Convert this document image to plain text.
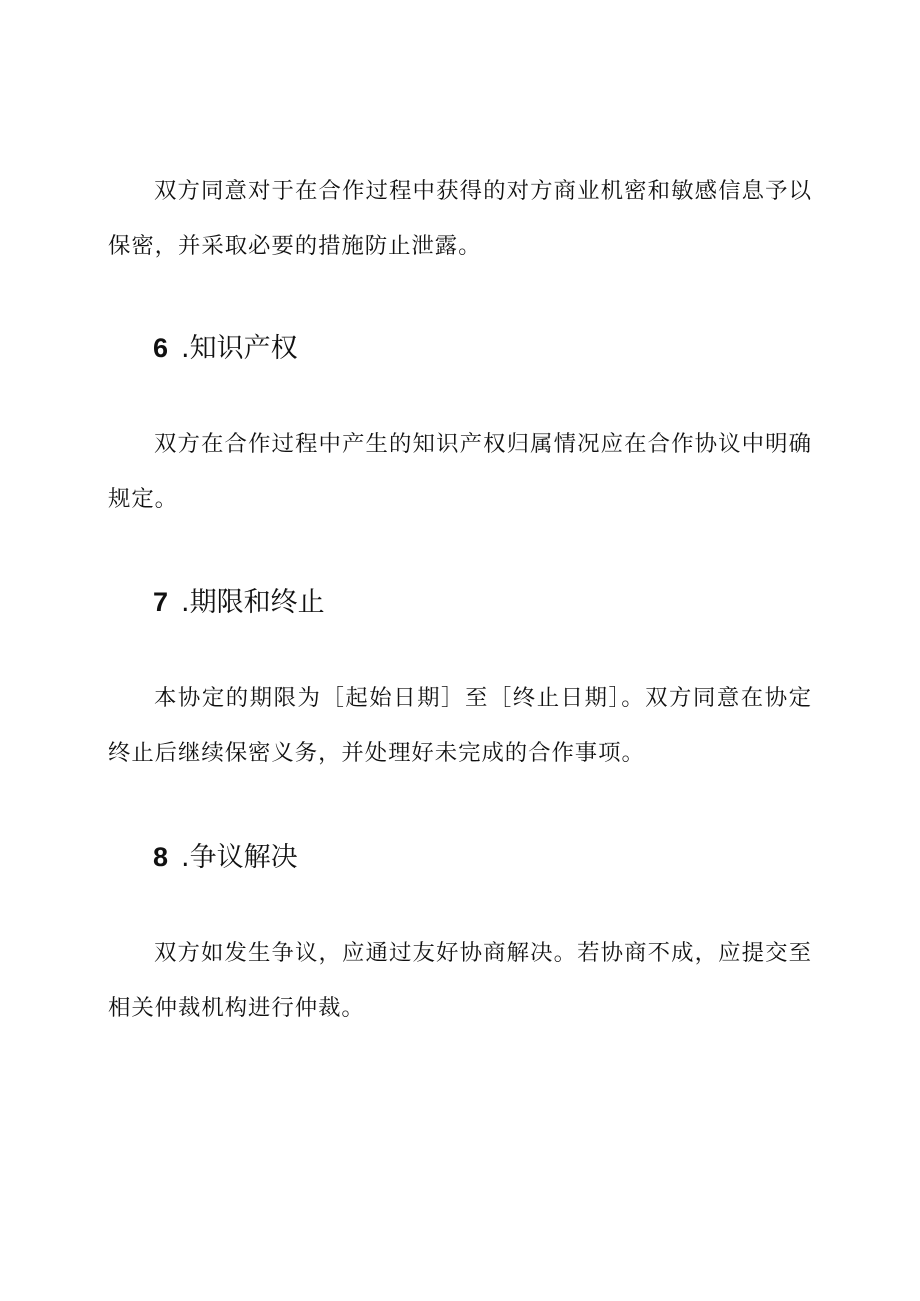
双方同意对于在合作过程中获得的对方商业机密和敏感信息予以保密，并采取必要的措施防止泄露。

6 .知识产权

双方在合作过程中产生的知识产权归属情况应在合作协议中明确规定。

7 .期限和终止

本协定的期限为［起始日期］至［终止日期］。双方同意在协定终止后继续保密义务，并处理好未完成的合作事项。

8 .争议解决

双方如发生争议，应通过友好协商解决。若协商不成，应提交至相关仲裁机构进行仲裁。
